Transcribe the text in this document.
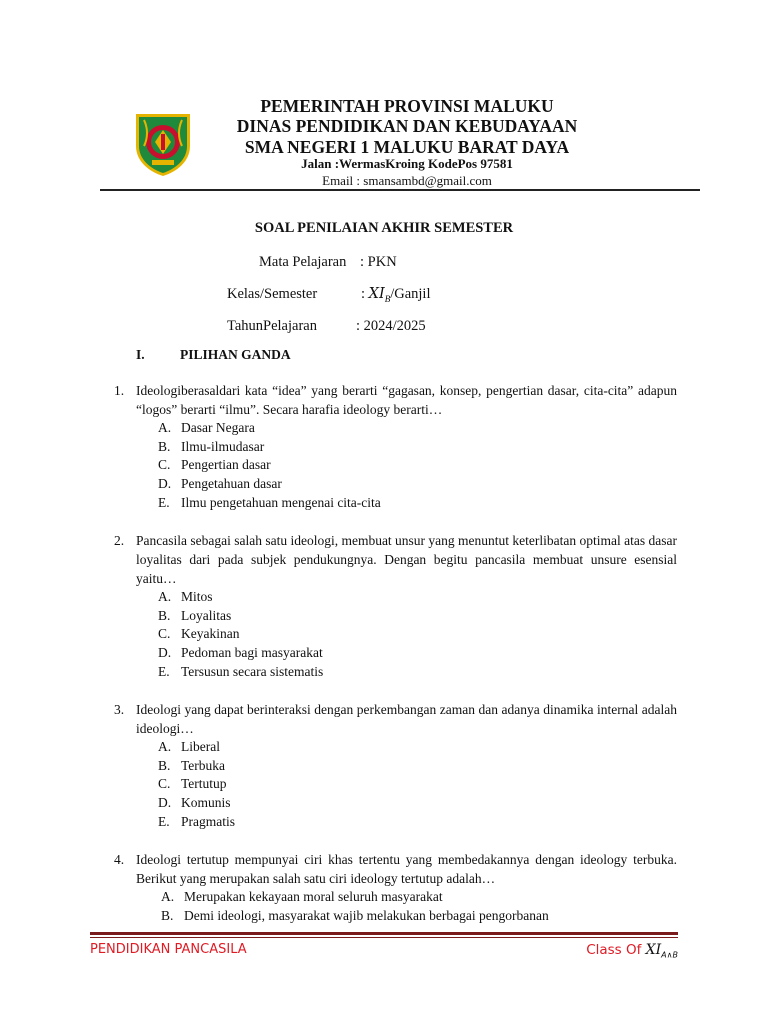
PEMERINTAH PROVINSI MALUKU
DINAS PENDIDIKAN DAN KEBUDAYAAN
SMA NEGERI 1 MALUKU BARAT DAYA
Jalan :WermasKroing KodePos 97581
Email : smansambd@gmail.com
SOAL PENILAIAN AKHIR SEMESTER
Mata Pelajaran : PKN
Kelas/Semester	: $XI_B$/Ganjil
TahunPelajaran	: 2024/2025
I.	PILIHAN GANDA
1. Ideologiberasaldari kata “idea” yang berarti “gagasan, konsep, pengertian dasar, cita-cita” adapun “logos” berarti “ilmu”. Secara harafia ideology berarti…
A. Dasar Negara
B. Ilmu-ilmudasar
C. Pengertian dasar
D. Pengetahuan dasar
E. Ilmu pengetahuan mengenai cita-cita
2. Pancasila sebagai salah satu ideologi, membuat unsur yang menuntut keterlibatan optimal atas dasar loyalitas dari pada subjek pendukungnya. Dengan begitu pancasila membuat unsure esensial yaitu…
A. Mitos
B. Loyalitas
C. Keyakinan
D. Pedoman bagi masyarakat
E. Tersusun secara sistematis
3. Ideologi yang dapat berinteraksi dengan perkembangan zaman dan adanya dinamika internal adalah ideologi…
A. Liberal
B. Terbuka
C. Tertutup
D. Komunis
E. Pragmatis
4. Ideologi tertutup mempunyai ciri khas tertentu yang membedakannya dengan ideology terbuka. Berikut yang merupakan salah satu ciri ideology tertutup adalah…
A. Merupakan kekayaan moral seluruh masyarakat
B. Demi ideologi, masyarakat wajib melakukan berbagai pengorbanan
PENDIDIKAN PANCASILA	Class Of $XI_{A\wedge B}$
